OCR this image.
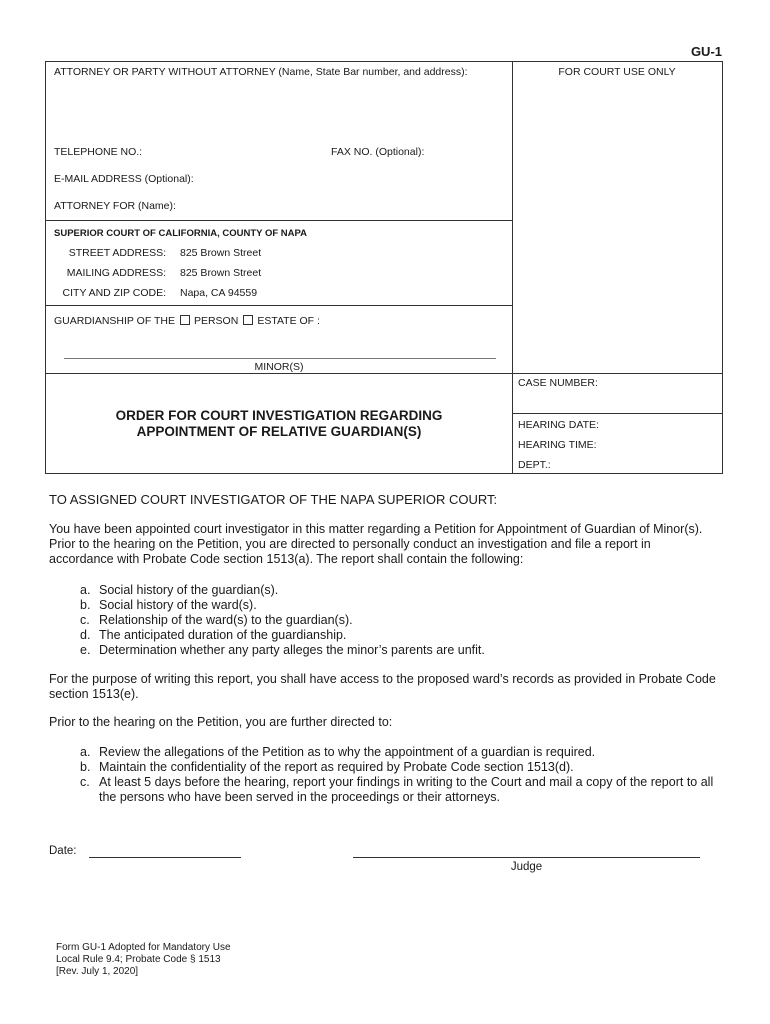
GU-1
ATTORNEY OR PARTY WITHOUT ATTORNEY (Name, State Bar number, and address):	FOR COURT USE ONLY
TELEPHONE NO.:	FAX NO. (Optional):
E-MAIL ADDRESS (Optional):
ATTORNEY FOR (Name):
SUPERIOR COURT OF CALIFORNIA, COUNTY OF NAPA
STREET ADDRESS: 825 Brown Street
MAILING ADDRESS: 825 Brown Street
CITY AND ZIP CODE: Napa, CA 94559
GUARDIANSHIP OF THE PERSON ESTATE OF :
MINOR(S)
CASE NUMBER:
HEARING DATE:
HEARING TIME:
DEPT.:
ORDER FOR COURT INVESTIGATION REGARDING
APPOINTMENT OF RELATIVE GUARDIAN(S)
TO ASSIGNED COURT INVESTIGATOR OF THE NAPA SUPERIOR COURT:
You have been appointed court investigator in this matter regarding a Petition for Appointment of Guardian of Minor(s). Prior to the hearing on the Petition, you are directed to personally conduct an investigation and file a report in accordance with Probate Code section 1513(a). The report shall contain the following:
a. Social history of the guardian(s).
b. Social history of the ward(s).
c. Relationship of the ward(s) to the guardian(s).
d. The anticipated duration of the guardianship.
e. Determination whether any party alleges the minor’s parents are unfit.
For the purpose of writing this report, you shall have access to the proposed ward’s records as provided in Probate Code section 1513(e).
Prior to the hearing on the Petition, you are further directed to:
a. Review the allegations of the Petition as to why the appointment of a guardian is required.
b. Maintain the confidentiality of the report as required by Probate Code section 1513(d).
c. At least 5 days before the hearing, report your findings in writing to the Court and mail a copy of the report to all the persons who have been served in the proceedings or their attorneys.
Date:
Judge
Form GU-1 Adopted for Mandatory Use
Local Rule 9.4; Probate Code § 1513
[Rev. July 1, 2020]
